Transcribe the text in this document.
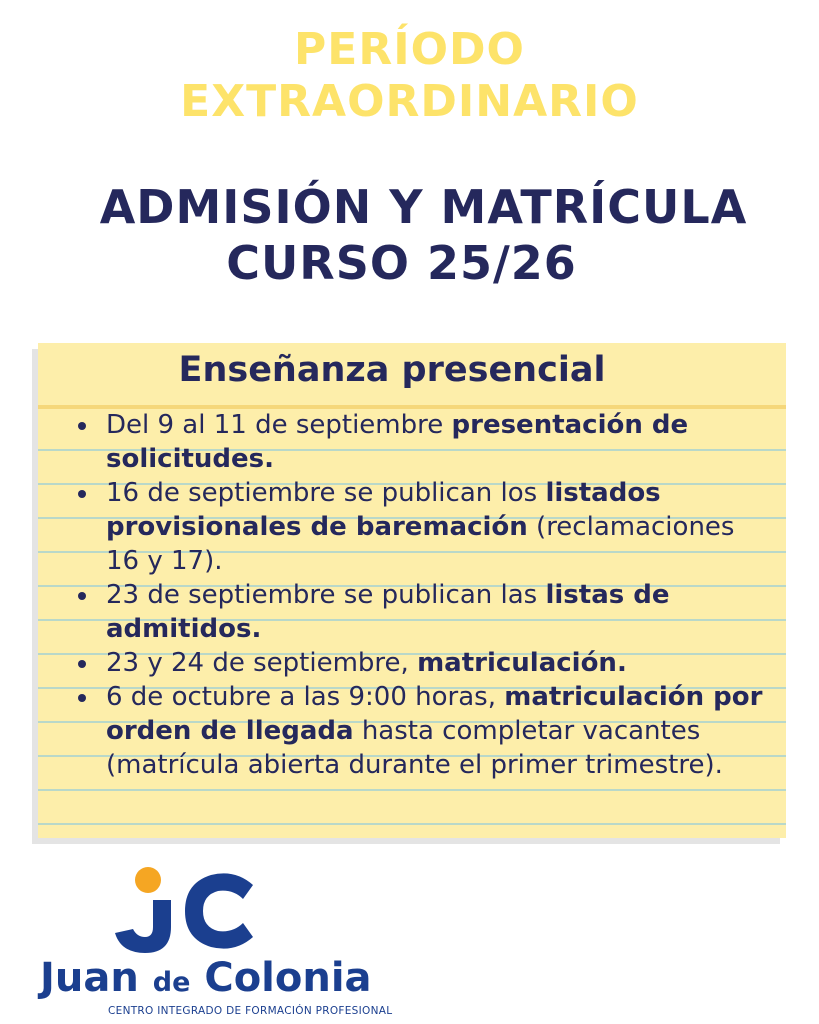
PERÍODO
EXTRAORDINARIO
ADMISIÓN Y MATRÍCULA
CURSO 25/26
Enseñanza presencial
Del 9 al 11 de septiembre presentación de solicitudes.
16 de septiembre se publican los listados provisionales de baremación (reclamaciones 16 y 17).
23 de septiembre se publican las listas de admitidos.
23 y 24 de septiembre, matriculación.
6 de octubre a las 9:00 horas, matriculación por orden de llegada hasta completar vacantes (matrícula abierta durante el primer trimestre).
Juan de Colonia
CENTRO INTEGRADO DE FORMACIÓN PROFESIONAL
